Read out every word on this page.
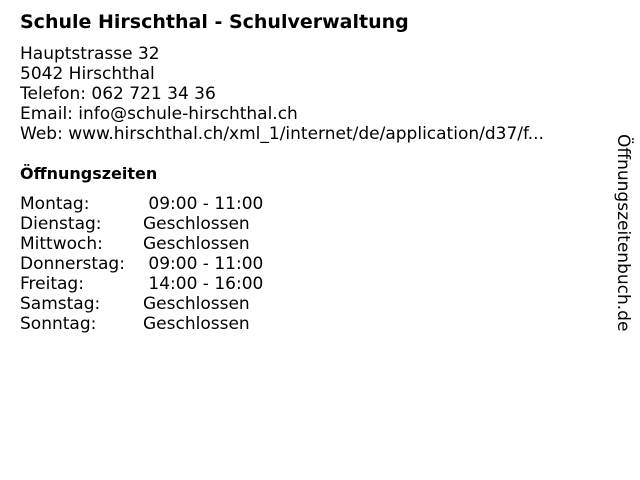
Schule Hirschthal - Schulverwaltung
Hauptstrasse 32
5042 Hirschthal
Telefon: 062 721 34 36
Email: info@schule-hirschthal.ch
Web: www.hirschthal.ch/xml_1/internet/de/application/d37/f...
Öffnungszeiten
Montag:	09:00 - 11:00
Dienstag:	Geschlossen
Mittwoch:	Geschlossen
Donnerstag:	09:00 - 11:00
Freitag:	14:00 - 16:00
Samstag:	Geschlossen
Sonntag:	Geschlossen	Öffnungszeitenbuch.de
